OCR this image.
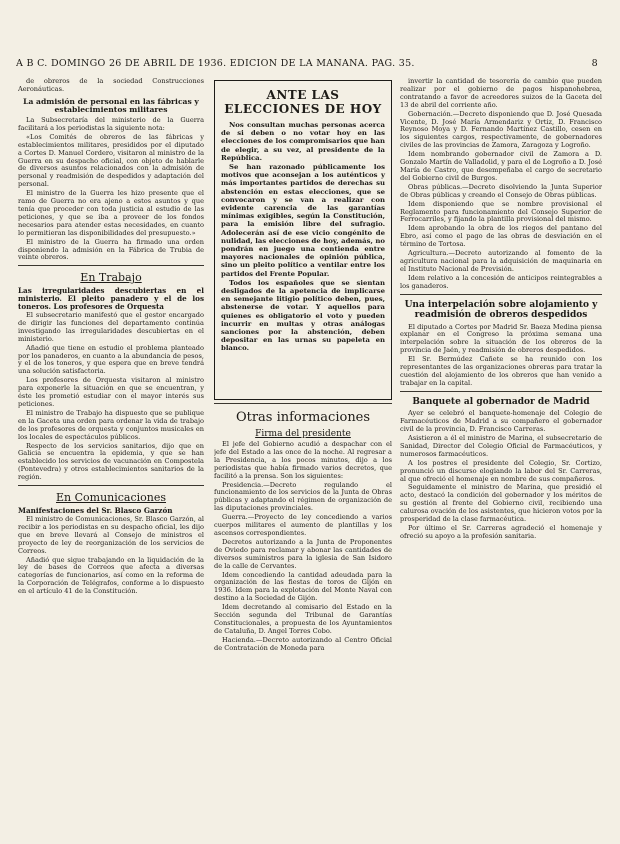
A B C. DOMINGO 26 DE ABRIL DE 1936. EDICION DE LA MAÑANA. PAG. 35.	8

de obreros de la sociedad Construcciones Aeronáuticas.

La admisión de personal en las fábricas y establecimientos militares

La Subsecretaría del ministerio de la Guerra facilitará a los periodistas la siguiente nota:

«Los Comités de obreros de las fábricas y establecimientos militares, presididos por el diputado a Cortes D. Manuel Cordero, visitaron al ministro de la Guerra en su despacho oficial, con objeto de hablarle de diversos asuntos relacionados con la admisión de personal y readmisión de despedidos y adaptación del personal.

El ministro de la Guerra les hizo presente que el ramo de Guerra no era ajeno a estos asuntos y que tenía que proceder con toda justicia al estudio de las peticiones, y que se iba a proveer de los fondos necesarios para atender estas necesidades, en cuanto lo permitieran las disponibilidades del presupuesto.»

El ministro de la Guerra ha firmado una orden disponiendo la admisión en la Fábrica de Trubia de veinte obreros.

En Trabajo

Las irregularidades descubiertas en el ministerio. El pleito panadero y el de los toneros. Los profesores de Orquesta

El subsecretario manifestó que el gestor encargado de dirigir las funciones del departamento continúa investigando las irregularidades descubiertas en el ministerio.

Añadió que tiene en estudio el problema planteado por los panaderos, en cuanto a la abundancia de pesos, y el de los toneros, y que espera que en breve tendrá una solución satisfactoria.

Los profesores de Orquesta visitaron al ministro para exponerle la situación en que se encuentran, y éste les prometió estudiar con el mayor interés sus peticiones.

El ministro de Trabajo ha dispuesto que se publique en la Gaceta una orden para ordenar la vida de trabajo de los profesores de orquesta y conjuntos musicales en los locales de espectáculos públicos.

Respecto de los servicios sanitarios, dijo que en Galicia se encuentra la epidemia, y que se han establecido los servicios de vacunación en Compostela (Pontevedra) y otros establecimientos sanitarios de la región.

En Comunicaciones

Manifestaciones del Sr. Blasco Garzón

El ministro de Comunicaciones, Sr. Blasco Garzón, al recibir a los periodistas en su despacho oficial, les dijo que en breve llevará al Consejo de ministros el proyecto de ley de reorganización de los servicios de Correos.

Añadió que sigue trabajando en la liquidación de la ley de bases de Correos que afecta a diversas categorías de funcionarios, así como en la reforma de la Corporación de Telégrafos, conforme a lo dispuesto en el artículo 41 de la Constitución.

ANTE LAS ELECCIONES DE HOY

Nos consultan muchas personas acerca de si deben o no votar hoy en las elecciones de los compromisarios que han de elegir, a su vez, al presidente de la República.

Se han razonado públicamente los motivos que aconsejan a los auténticos y más importantes partidos de derechas su abstención en estas elecciones, que se convocaron y se van a realizar con evidente carencia de las garantías mínimas exigibles, según la Constitución, para la emisión libre del sufragio. Adolecerán así de ese vicio congénito de nulidad, las elecciones de hoy, además, no pondrán en juego una contienda entre mayores nacionales de opinión pública, sino un pleito político a ventilar entre los partidos del Frente Popular.

Todos los españoles que se sientan desligados de la apetencia de implicarse en semejante litigio político deben, pues, abstenerse de votar. Y aquellos para quienes es obligatorio el voto y pueden incurrir en multas y otras análogas sanciones por la abstención, deben depositar en las urnas su papeleta en blanco.

Otras informaciones

Firma del presidente

El jefe del Gobierno acudió a despachar con el jefe del Estado a las once de la noche. Al regresar a la Presidencia, a los pocos minutos, dijo a los periodistas que había firmado varios decretos, que facilitó a la prensa. Son los siguientes:

Presidencia.—Decreto regulando el funcionamiento de los servicios de la Junta de Obras públicas y adaptando el régimen de organización de las diputaciones provinciales.

Guerra.—Proyecto de ley concediendo a varios cuerpos militares el aumento de plantillas y los ascensos correspondientes.

Decretos autorizando a la Junta de Proponentes de Oviedo para reclamar y abonar las cantidades de diversos suministros para la iglesia de San Isidoro de la calle de Cervantes.

Idem concediendo la cantidad adeudada para la organización de las fiestas de toros de Gijón en 1936. Idem para la explotación del Monte Naval con destino a la Sociedad de Gijón.

Idem decretando al comisario del Estado en la Sección segunda del Tribunal de Garantías Constitucionales, a propuesta de los Ayuntamientos de Cataluña, D. Angel Torres Cobo.

Hacienda.—Decreto autorizando al Centro Oficial de Contratación de Moneda para

invertir la cantidad de tesorería de cambio que pueden realizar por el gobierno de pagos hispanohebrea, contratando a favor de acreedores suizos de la Gaceta del 13 de abril del corriente año.

Gobernación.—Decreto disponiendo que D. José Quesada Vicente, D. José María Armendariz y Ortiz, D. Francisco Reynoso Moya y D. Fernando Martínez Castillo, cesen en los siguientes cargos, respectivamente, de gobernadores civiles de las provincias de Zamora, Zaragoza y Logroño.

Idem nombrando gobernador civil de Zamora a D. Gonzalo Martín de Valladolid, y para el de Logroño a D. José María de Castro, que desempeñaba el cargo de secretario del Gobierno civil de Burgos.

Obras públicas.—Decreto disolviendo la Junta Superior de Obras públicas y creando el Consejo de Obras públicas.

Idem disponiendo que se nombre provisional el Reglamento para funcionamiento del Consejo Superior de Ferrocarriles, y fijando la plantilla provisional del mismo.

Idem aprobando la obra de los riegos del pantano del Ebro, así como el pago de las obras de desviación en el término de Tortosa.

Agricultura.—Decreto autorizando al fomento de la agricultura nacional para la adquisición de maquinaria en el Instituto Nacional de Previsión.

Idem relativo a la concesión de anticipos reintegrables a los ganaderos.

Una interpelación sobre alojamiento y readmisión de obreros despedidos

El diputado a Cortes por Madrid Sr. Baeza Medina piensa explanar en el Congreso la próxima semana una interpelación sobre la situación de los obreros de la provincia de Jaén, y readmisión de obreros despedidos.

El Sr. Bermúdez Cañete se ha reunido con los representantes de las organizaciones obreras para tratar la cuestión del alojamiento de los obreros que han venido a trabajar en la capital.

Banquete al gobernador de Madrid

Ayer se celebró el banquete-homenaje del Colegio de Farmacéuticos de Madrid a su compañero el gobernador civil de la provincia, D. Francisco Carreras.

Asistieron a él el ministro de Marina, el subsecretario de Sanidad, Director del Colegio Oficial de Farmacéuticos, y numerosos farmacéuticos.

A los postres el presidente del Colegio, Sr. Cortizo, pronunció un discurso elogiando la labor del Sr. Carreras, al que ofreció el homenaje en nombre de sus compañeros.

Seguidamente el ministro de Marina, que presidió el acto, destacó la condición del gobernador y los méritos de su gestión al frente del Gobierno civil, recibiendo una calurosa ovación de los asistentes, que hicieron votos por la prosperidad de la clase farmacéutica.

Por último el Sr. Carreras agradeció el homenaje y ofreció su apoyo a la profesión sanitaria.
